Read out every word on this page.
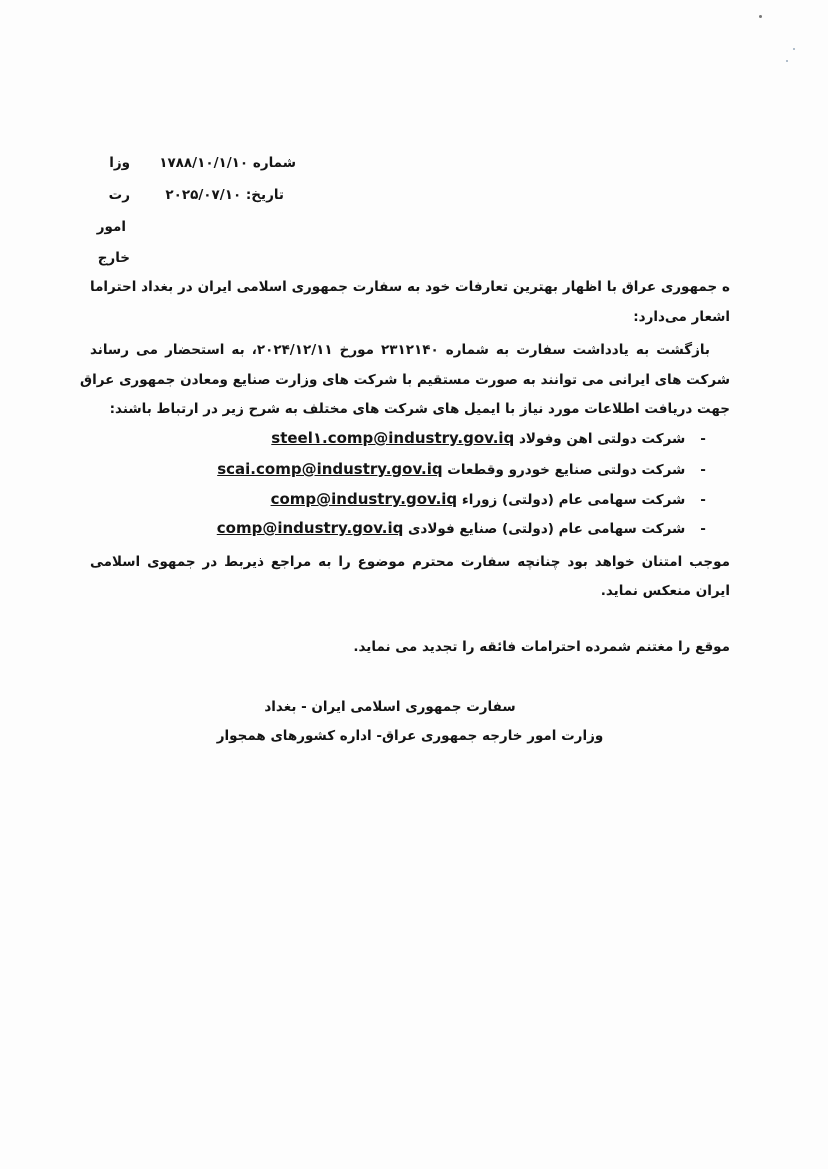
وزا
رت
امور
خارج
شماره ۱۷۸۸/۱۰/۱/۱۰
تاریخ: ۲۰۲۵/۰۷/۱۰
ه جمهوری عراق با اظهار بهترین تعارفات خود به سفارت جمهوری اسلامی ایران در بغداد احتراما
اشعار می‌دارد:
بازگشت به یادداشت سفارت به شماره ۲۳۱۲۱۴۰ مورخ ۲۰۲۴/۱۲/۱۱، به استحضار می رساند
شرکت های ایرانی می توانند به صورت مستقیم با شرکت های وزارت صنایع ومعادن جمهوری عراق
جهت دریافت اطلاعات مورد نیاز با ایمیل های شرکت های مختلف به شرح زیر در ارتباط باشند:
- شرکت دولتی اهن وفولاد steel۱.comp@industry.gov.iq
- شرکت دولتی صنایع خودرو وقطعات scai.comp@industry.gov.iq
- شرکت سهامی عام (دولتی) زوراء comp@industry.gov.iq
- شرکت سهامی عام (دولتی) صنایع فولادی comp@industry.gov.iq
موجب امتنان خواهد بود چنانچه سفارت محترم موضوع را به مراجع ذیربط در جمهوی اسلامی
ایران منعکس نماید.
موقع را مغتنم شمرده احترامات فائقه را تجدید می نماید.
سفارت جمهوری اسلامی ایران - بغداد
وزارت امور خارجه جمهوری عراق- اداره کشورهای همجوار
